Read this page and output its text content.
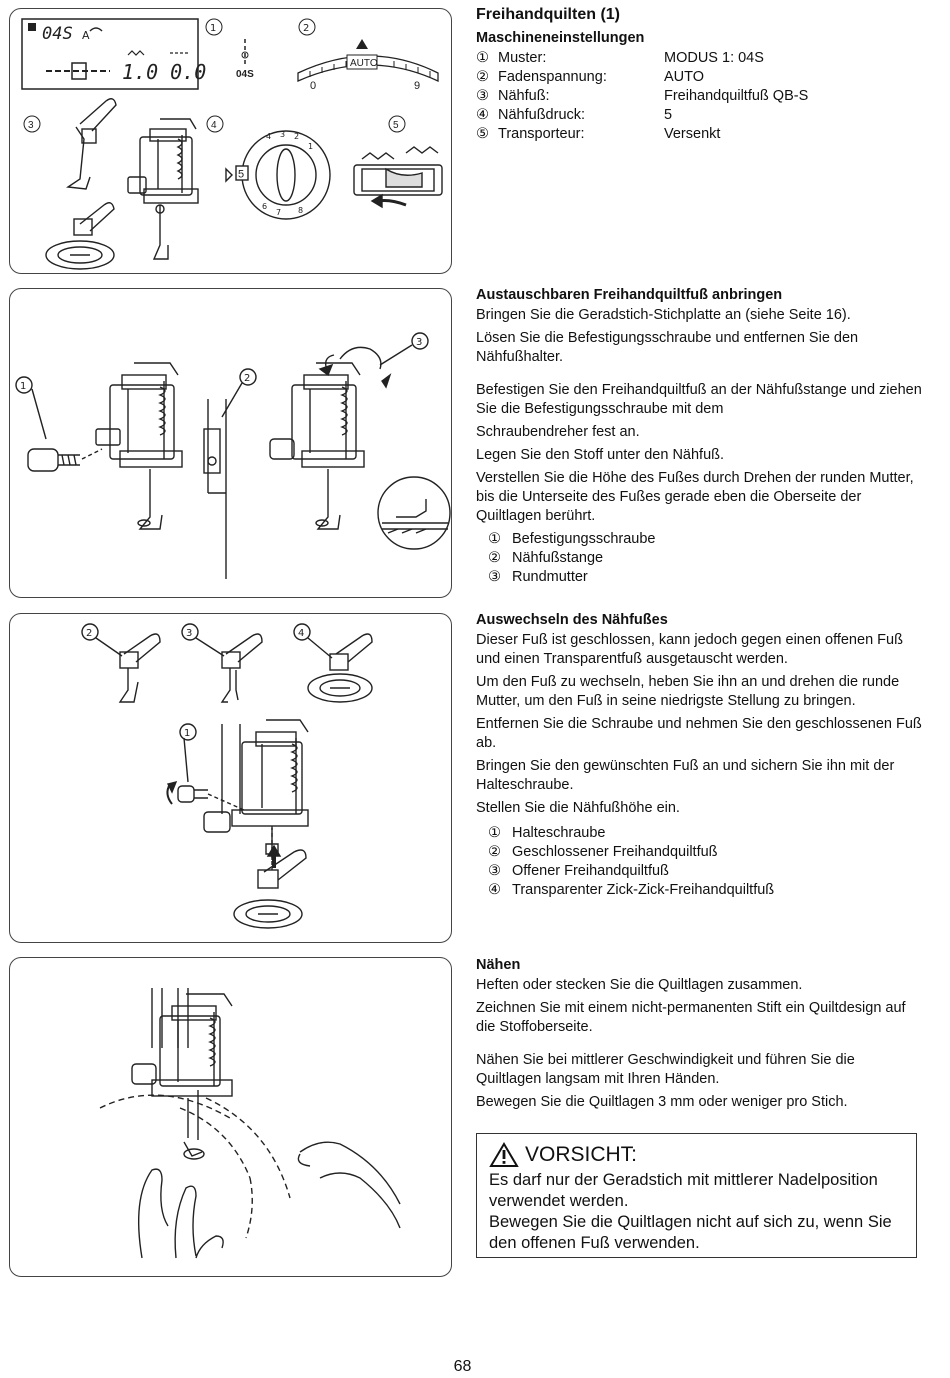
04S A
1.0 0.0
1	2
04S
AUTO
0	9
3	4	5
5
4 3 2
1
6
7 8
Freihandquilten (1)
Maschineneinstellungen
① Muster:	MODUS 1: 04S
② Fadenspannung:	AUTO
③ Nähfuß:	Freihandquiltfuß QB-S
④ Nähfußdruck:	5
⑤ Transporteur:	Versenkt
1
2
3
Austauschbaren Freihandquiltfuß anbringen

Bringen Sie die Geradstich-Stichplatte an (siehe Seite 16).

Lösen Sie die Befestigungsschraube und entfernen Sie den Nähfußhalter.

Befestigen Sie den Freihandquiltfuß an der Nähfußstange und ziehen Sie die Befestigungsschraube mit dem

Schraubendreher fest an.

Legen Sie den Stoff unter den Nähfuß.

Verstellen Sie die Höhe des Fußes durch Drehen der runden Mutter, bis die Unterseite des Fußes gerade eben die Oberseite der Quiltlagen berührt.

① Befestigungsschraube
② Nähfußstange
③ Rundmutter
2	3	4
1
Auswechseln des Nähfußes

Dieser Fuß ist geschlossen, kann jedoch gegen einen offenen Fuß und einen Transparentfuß ausgetauscht werden.

Um den Fuß zu wechseln, heben Sie ihn an und drehen die runde Mutter, um den Fuß in seine niedrigste Stellung zu bringen.

Entfernen Sie die Schraube und nehmen Sie den geschlossenen Fuß ab.

Bringen Sie den gewünschten Fuß an und sichern Sie ihn mit der Halteschraube.

Stellen Sie die Nähfußhöhe ein.

① Halteschraube
② Geschlossener Freihandquiltfuß
③ Offener Freihandquiltfuß
④ Transparenter Zick-Zick-Freihandquiltfuß
Nähen

Heften oder stecken Sie die Quiltlagen zusammen.

Zeichnen Sie mit einem nicht-permanenten Stift ein Quiltdesign auf die Stoffoberseite.

Nähen Sie bei mittlerer Geschwindigkeit und führen Sie die Quiltlagen langsam mit Ihren Händen.

Bewegen Sie die Quiltlagen 3 mm oder weniger pro Stich.

VORSICHT:

Es darf nur der Geradstich mit mittlerer Nadelposition verwendet werden.

Bewegen Sie die Quiltlagen nicht auf sich zu, wenn Sie den offenen Fuß verwenden.

68
